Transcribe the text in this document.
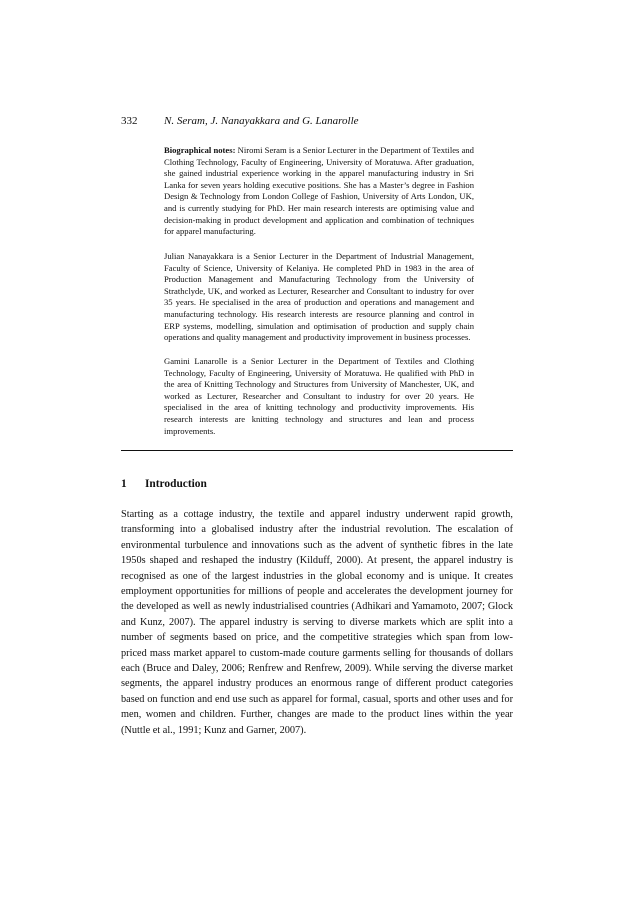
332 N. Seram, J. Nanayakkara and G. Lanarolle
Biographical notes: Niromi Seram is a Senior Lecturer in the Department of Textiles and Clothing Technology, Faculty of Engineering, University of Moratuwa. After graduation, she gained industrial experience working in the apparel manufacturing industry in Sri Lanka for seven years holding executive positions. She has a Master’s degree in Fashion Design & Technology from London College of Fashion, University of Arts London, UK, and is currently studying for PhD. Her main research interests are optimising value and decision-making in product development and application and combination of techniques for apparel manufacturing.
Julian Nanayakkara is a Senior Lecturer in the Department of Industrial Management, Faculty of Science, University of Kelaniya. He completed PhD in 1983 in the area of Production Management and Manufacturing Technology from the University of Strathclyde, UK, and worked as Lecturer, Researcher and Consultant to industry for over 35 years. He specialised in the area of production and operations and management and manufacturing technology. His research interests are resource planning and control in ERP systems, modelling, simulation and optimisation of production and supply chain operations and quality management and productivity improvement in business processes.
Gamini Lanarolle is a Senior Lecturer in the Department of Textiles and Clothing Technology, Faculty of Engineering, University of Moratuwa. He qualified with PhD in the area of Knitting Technology and Structures from University of Manchester, UK, and worked as Lecturer, Researcher and Consultant to industry for over 20 years. He specialised in the area of knitting technology and productivity improvements. His research interests are knitting technology and structures and lean and process improvements.
1 Introduction
Starting as a cottage industry, the textile and apparel industry underwent rapid growth, transforming into a globalised industry after the industrial revolution. The escalation of environmental turbulence and innovations such as the advent of synthetic fibres in the late 1950s shaped and reshaped the industry (Kilduff, 2000). At present, the apparel industry is recognised as one of the largest industries in the global economy and is unique. It creates employment opportunities for millions of people and accelerates the development journey for the developed as well as newly industrialised countries (Adhikari and Yamamoto, 2007; Glock and Kunz, 2007). The apparel industry is serving to diverse markets which are split into a number of segments based on price, and the competitive strategies which span from low-priced mass market apparel to custom-made couture garments selling for thousands of dollars each (Bruce and Daley, 2006; Renfrew and Renfrew, 2009). While serving the diverse market segments, the apparel industry produces an enormous range of different product categories based on function and end use such as apparel for formal, casual, sports and other uses and for men, women and children. Further, changes are made to the product lines within the year (Nuttle et al., 1991; Kunz and Garner, 2007).
